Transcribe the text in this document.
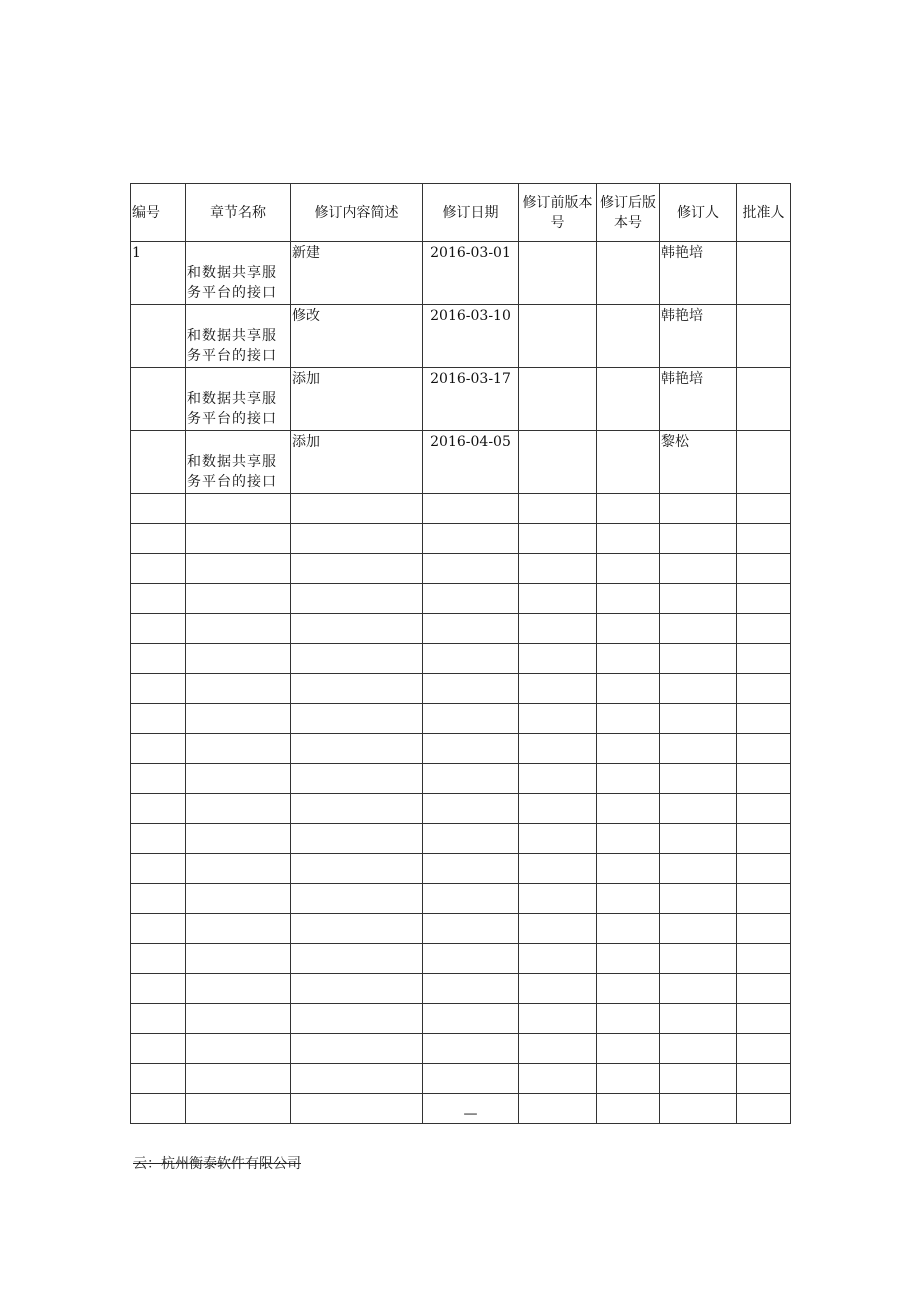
编号	章节名称	修订内容简述	修订日期	修订前版本号	修订后版本号	修订人	批准人
1	和数据共享服务平台的接口	新建	2016-03-01			韩艳培	

	和数据共享服务平台的接口	修改	2016-03-10			韩艳培	

	和数据共享服务平台的接口	添加	2016-03-17			韩艳培	

	和数据共享服务平台的接口	添加	2016-04-05			黎松	

			—				
云：杭州衡泰软件有限公司
